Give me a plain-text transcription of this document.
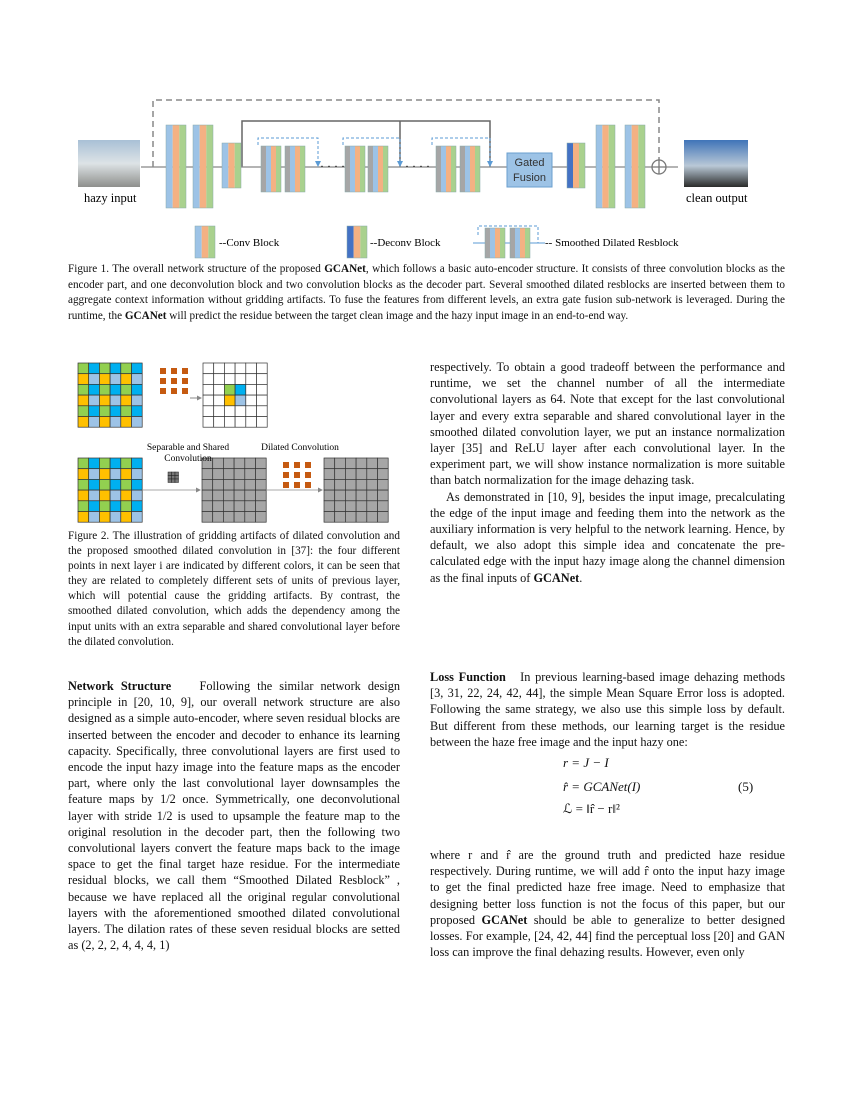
Gated
Fusion
· · · ·	· · · ·
hazy input	clean output
--Conv Block	--Deconv Block	-- Smoothed Dilated Resblock
Figure 1. The overall network structure of the proposed GCANet, which follows a basic auto-encoder structure. It consists of three convolution blocks as the encoder part, and one deconvolution block and two convolution blocks as the decoder part. Several smoothed dilated resblocks are inserted between them to aggregate context information without gridding artifacts. To fuse the features from different levels, an extra gate fusion sub-network is leveraged. During the runtime, the GCANet will predict the residue between the target clean image and the hazy input image in an end-to-end way.
Separable and Shared
Convolution
Dilated Convolution
Figure 2. The illustration of gridding artifacts of dilated convolution and the proposed smoothed dilated convolution in [37]: the four different points in next layer i are indicated by different colors, it can be seen that they are related to completely different sets of units of previous layer, which will potential cause the gridding artifacts. By contrast, the smoothed dilated convolution, which adds the dependency among the input units with an extra separable and shared convolutional layer before the dilated convolution.

Network Structure Following the similar network design principle in [20, 10, 9], our overall network structure are also designed as a simple auto-encoder, where seven residual blocks are inserted between the encoder and decoder to enhance its learning capacity. Specifically, three convolutional layers are first used to encode the input hazy image into the feature maps as the encoder part, where only the last convolutional layer downsamples the feature maps by 1/2 once. Symmetrically, one deconvolutional layer with stride 1/2 is used to upsample the feature map to the original resolution in the decoder part, then the following two convolutional layers convert the feature maps back to the image space to get the final target haze residue. For the intermediate residual blocks, we call them “Smoothed Dilated Resblock” , because we have replaced all the original regular convolutional layers with the aforementioned smoothed dilated convolutional layers. The dilation rates of these seven residual blocks are setted as (2, 2, 2, 4, 4, 4, 1)

respectively. To obtain a good tradeoff between the performance and runtime, we set the channel number of all the intermediate convolutional layers as 64. Note that except for the last convolutional layer and every extra separable and shared convolutional layer in the smoothed dilated convolution layer, we put an instance normalization layer [35] and ReLU layer after each convolutional layer. In the experiment part, we will show instance normalization is more suitable than batch normalization for the image dehazing task.

As demonstrated in [10, 9], besides the input image, precalculating the edge of the input image and feeding them into the network as the auxiliary information is very helpful to the network learning. Hence, by default, we also adopt this simple idea and concatenate the pre-calculated edge with the input hazy image along the channel dimension as the final inputs of GCANet.

Loss Function In previous learning-based image dehazing methods [3, 31, 22, 24, 42, 44], the simple Mean Square Error loss is adopted. Following the same strategy, we also use this simple loss by default. But different from these methods, our learning target is the residue between the haze free image and the input hazy one:

r = J − I
r̂ = GCANet(I)
ℒ = ‖r̂ − r‖²
(5)

where r and r̂ are the ground truth and predicted haze residue respectively. During runtime, we will add r̂ onto the input hazy image to get the final predicted haze free image. Need to emphasize that designing better loss function is not the focus of this paper, but our proposed GCANet should be able to generalize to better designed losses. For example, [24, 42, 44] find the perceptual loss [20] and GAN loss can improve the final dehazing results. However, even only
